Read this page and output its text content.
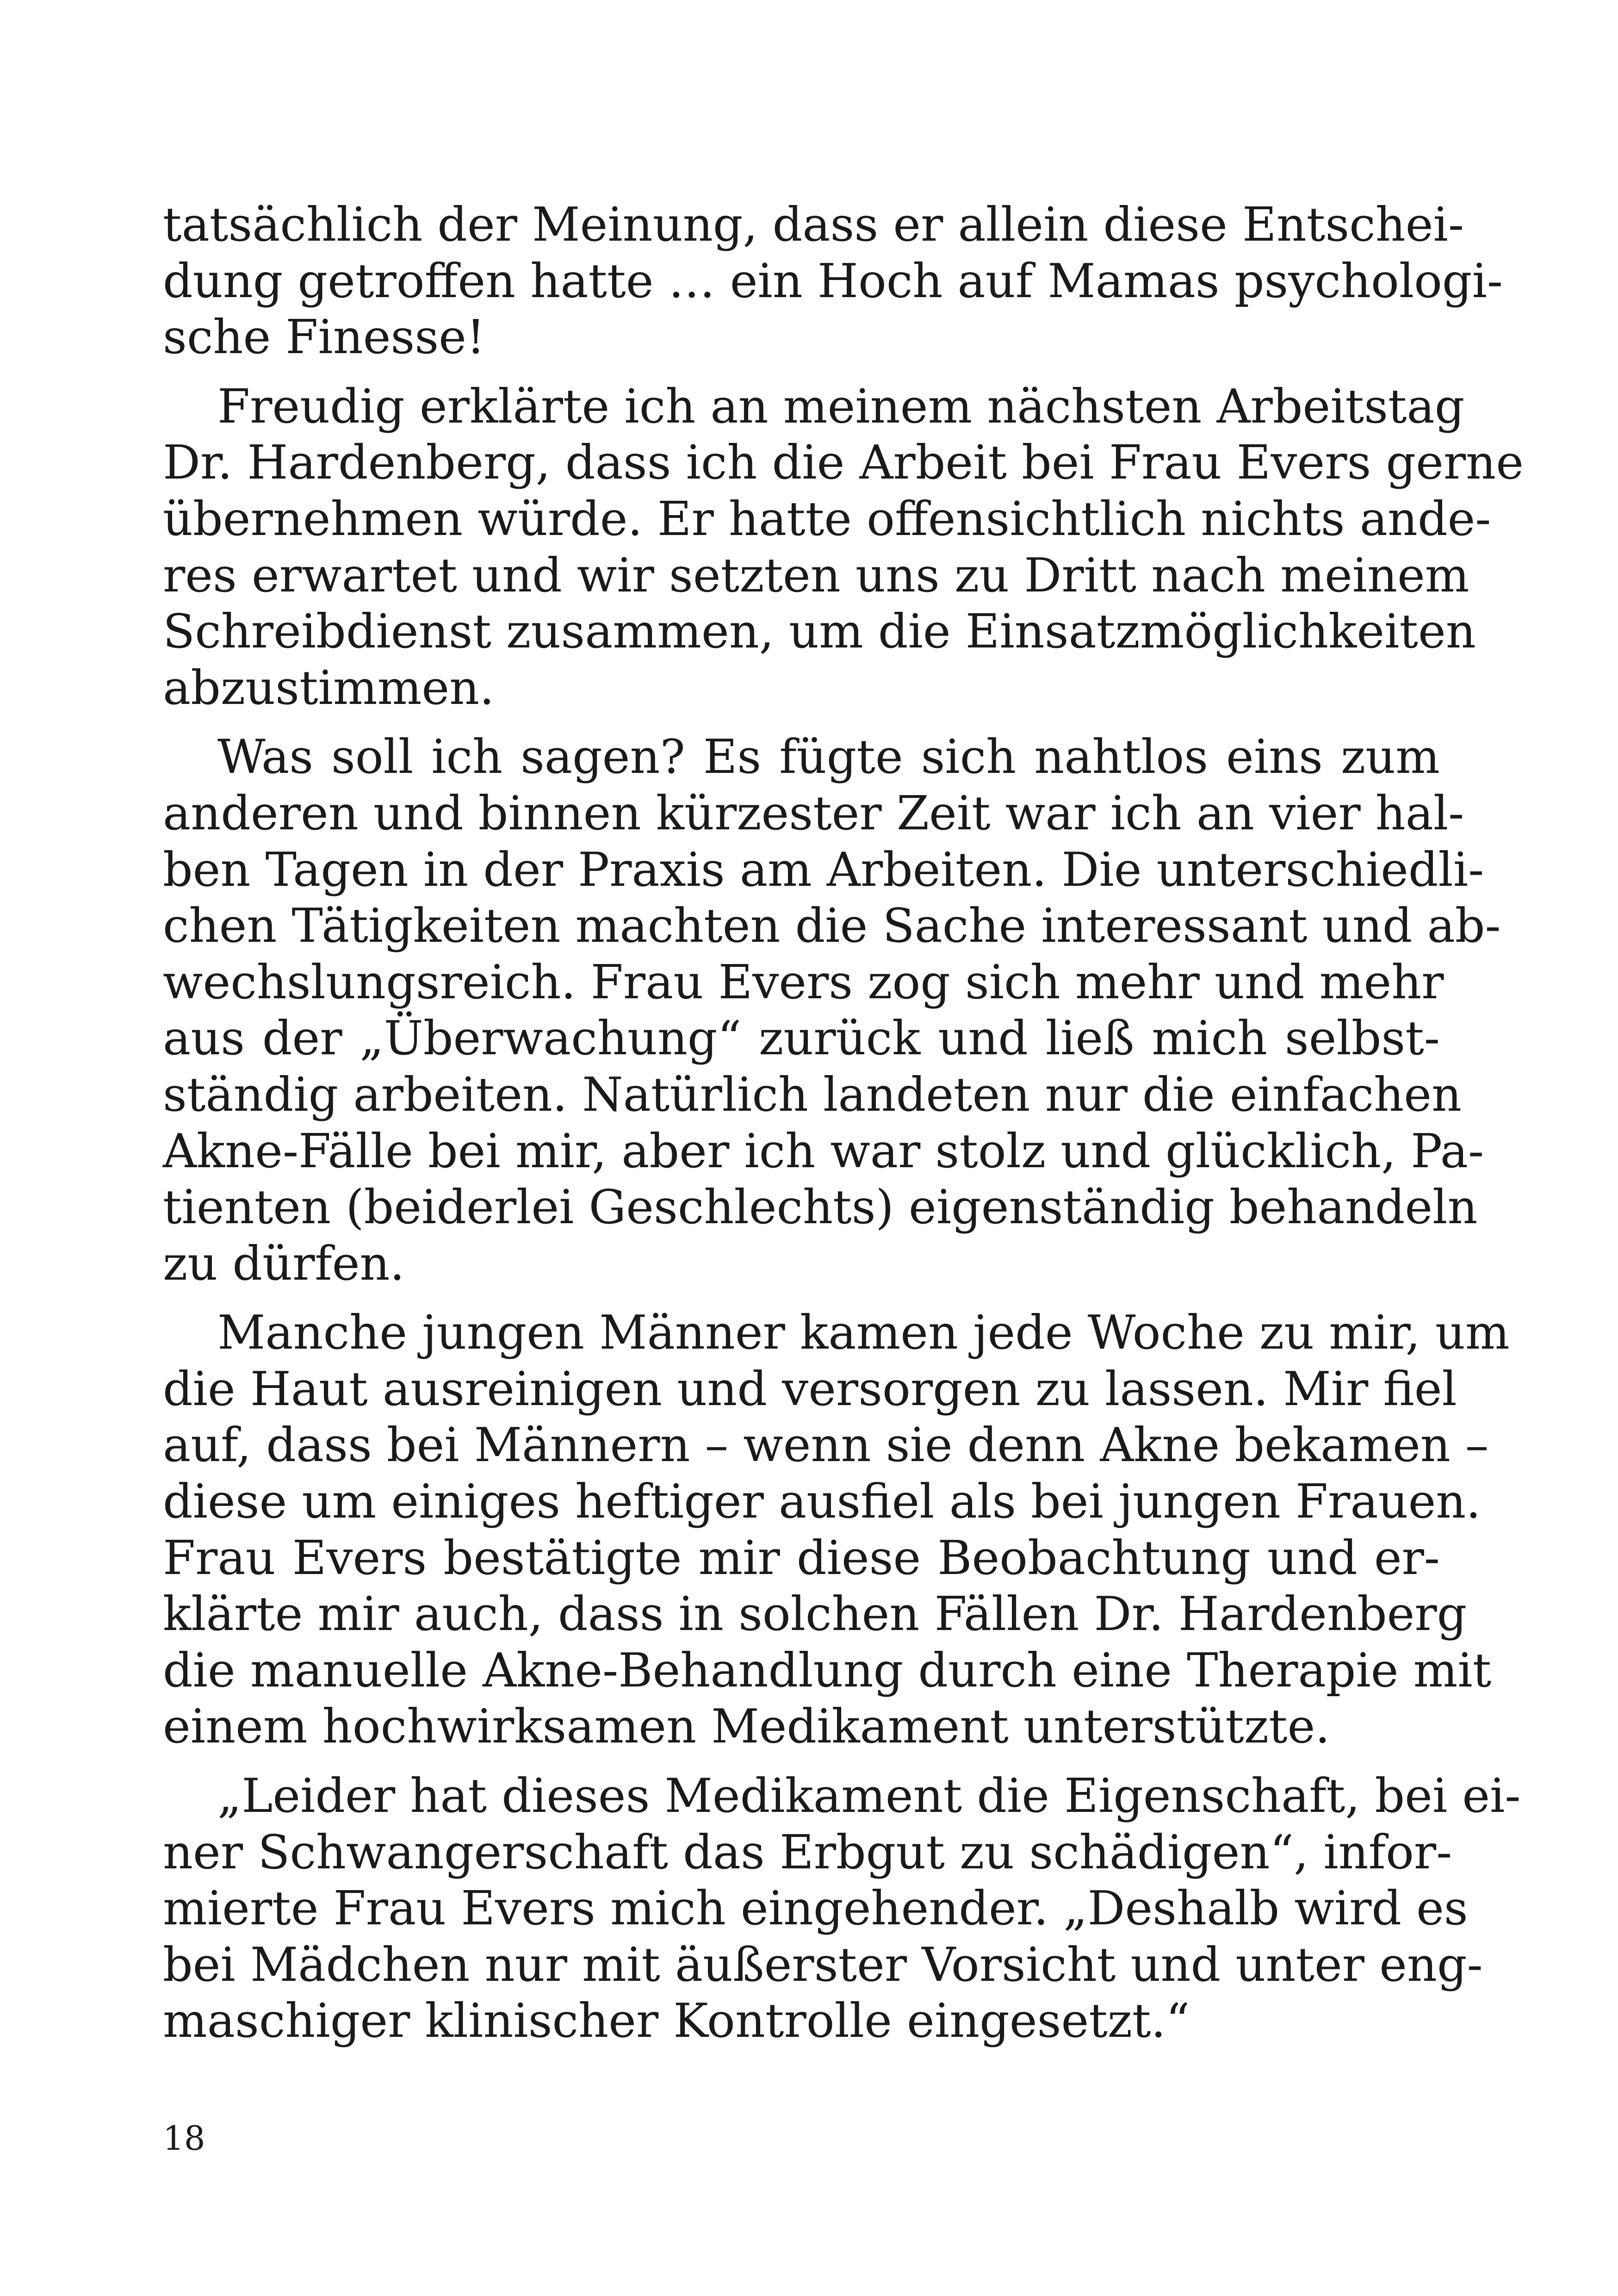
tatsächlich der Meinung, dass er allein diese Entschei-
dung getroffen hatte … ein Hoch auf Mamas psychologi-
sche Finesse!

Freudig erklärte ich an meinem nächsten Arbeitstag
Dr. Hardenberg, dass ich die Arbeit bei Frau Evers gerne
übernehmen würde. Er hatte offensichtlich nichts ande-
res erwartet und wir setzten uns zu Dritt nach meinem
Schreibdienst zusammen, um die Einsatzmöglichkeiten
abzustimmen.

Was soll ich sagen? Es fügte sich nahtlos eins zum
anderen und binnen kürzester Zeit war ich an vier hal-
ben Tagen in der Praxis am Arbeiten. Die unterschiedli-
chen Tätigkeiten machten die Sache interessant und ab-
wechslungsreich. Frau Evers zog sich mehr und mehr
aus der „Überwachung“ zurück und ließ mich selbst-
ständig arbeiten. Natürlich landeten nur die einfachen
Akne-Fälle bei mir, aber ich war stolz und glücklich, Pa-
tienten (beiderlei Geschlechts) eigenständig behandeln
zu dürfen.

Manche jungen Männer kamen jede Woche zu mir, um
die Haut ausreinigen und versorgen zu lassen. Mir fiel
auf, dass bei Männern – wenn sie denn Akne bekamen –
diese um einiges heftiger ausfiel als bei jungen Frauen.
Frau Evers bestätigte mir diese Beobachtung und er-
klärte mir auch, dass in solchen Fällen Dr. Hardenberg
die manuelle Akne-Behandlung durch eine Therapie mit
einem hochwirksamen Medikament unterstützte.

„Leider hat dieses Medikament die Eigenschaft, bei ei-
ner Schwangerschaft das Erbgut zu schädigen“, infor-
mierte Frau Evers mich eingehender. „Deshalb wird es
bei Mädchen nur mit äußerster Vorsicht und unter eng-
maschiger klinischer Kontrolle eingesetzt.“

18
